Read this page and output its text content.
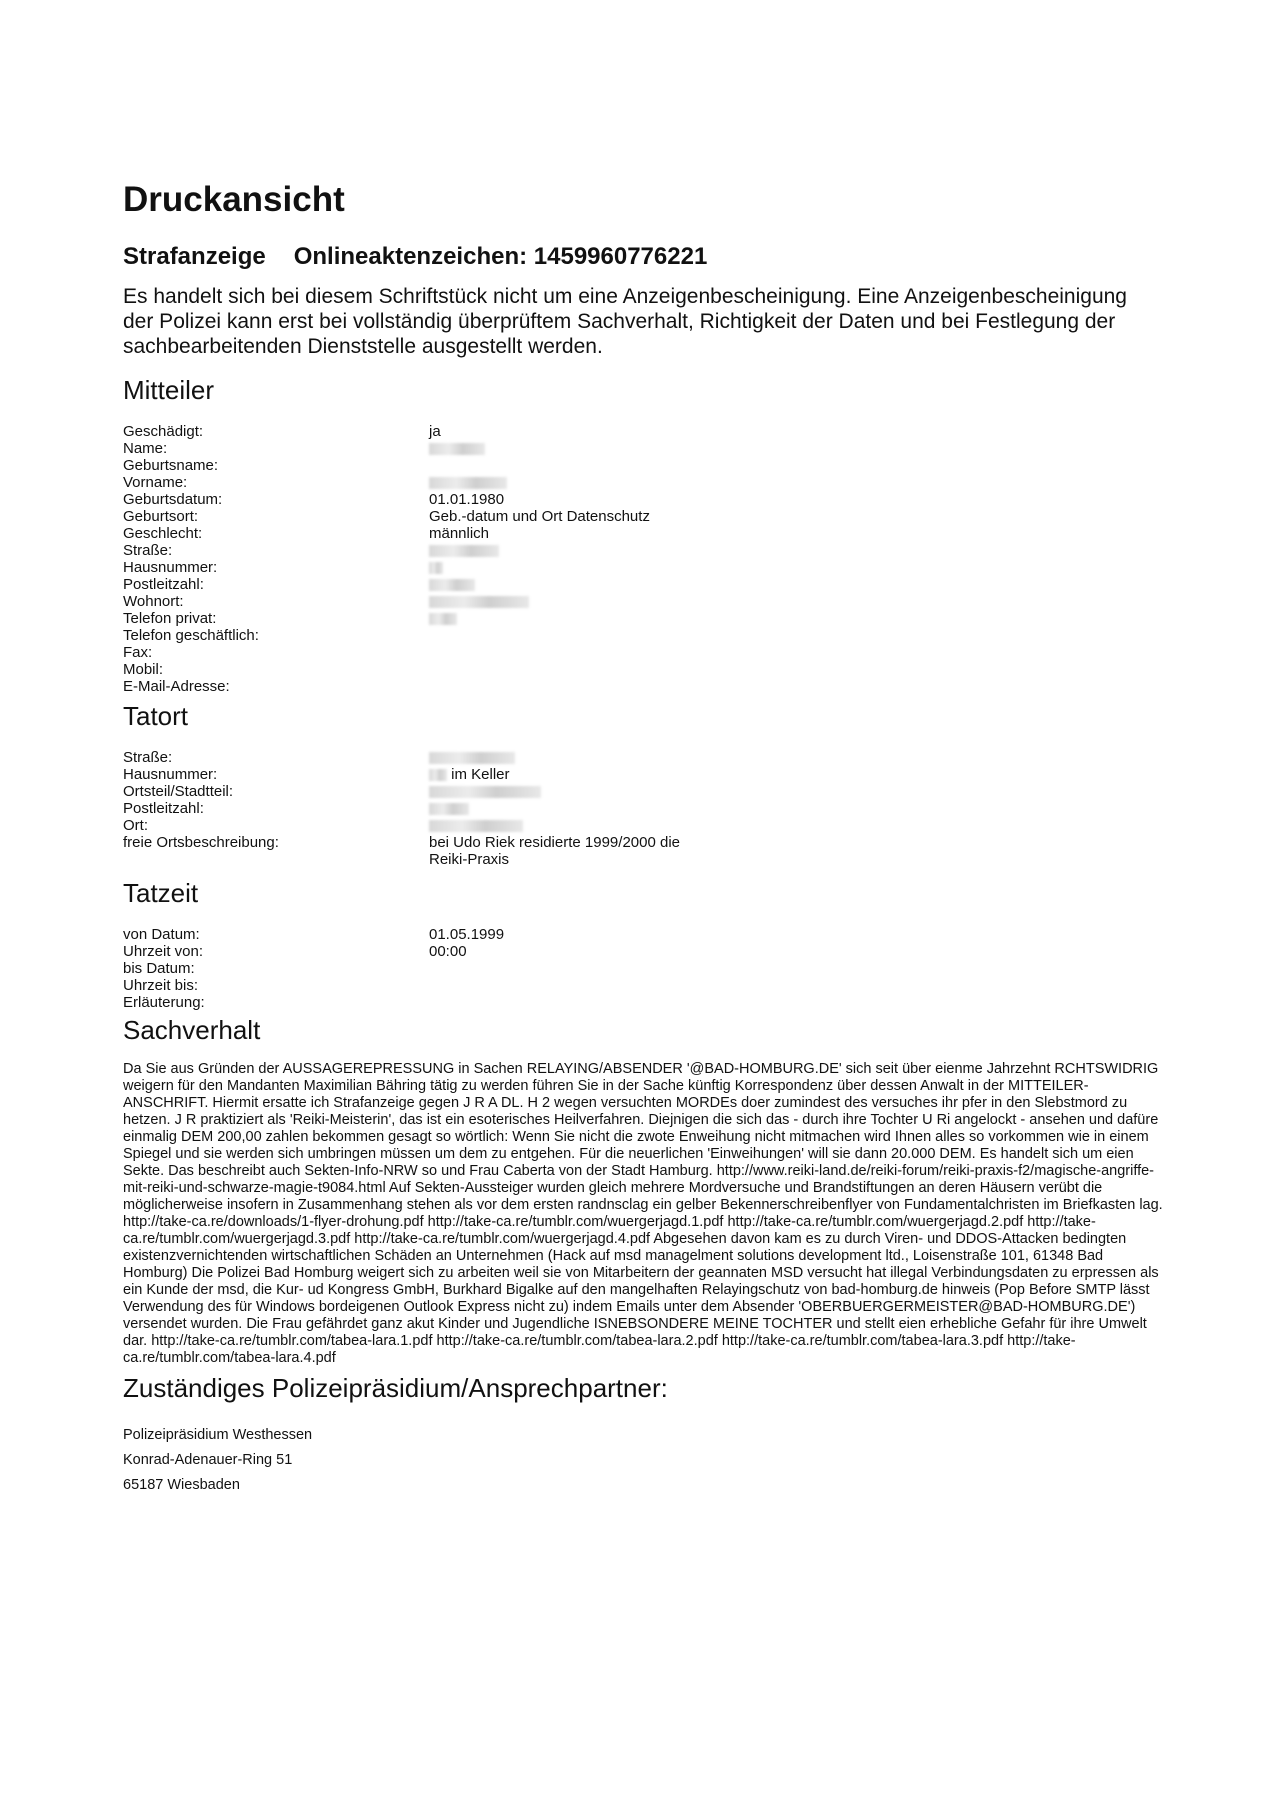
Druckansicht
Strafanzeige Onlineaktenzeichen: 1459960776221
Es handelt sich bei diesem Schriftstück nicht um eine Anzeigenbescheinigung. Eine Anzeigenbescheinigung der Polizei kann erst bei vollständig überprüftem Sachverhalt, Richtigkeit der Daten und bei Festlegung der sachbearbeitenden Dienststelle ausgestellt werden.
Mitteiler
Geschädigt:	ja
Name:
Geburtsname:
Vorname:
Geburtsdatum:	01.01.1980
Geburtsort:	Geb.-datum und Ort Datenschutz
Geschlecht:	männlich
Straße:
Hausnummer:
Postleitzahl:
Wohnort:
Telefon privat:
Telefon geschäftlich:
Fax:
Mobil:
E-Mail-Adresse:
Tatort
Straße:
Hausnummer:	im Keller
Ortsteil/Stadtteil:
Postleitzahl:
Ort:
freie Ortsbeschreibung:	bei Udo Riek residierte 1999/2000 die Reiki-Praxis
Tatzeit
von Datum:	01.05.1999
Uhrzeit von:	00:00
bis Datum:
Uhrzeit bis:
Erläuterung:
Sachverhalt
Da Sie aus Gründen der AUSSAGEREPRESSUNG in Sachen RELAYING/ABSENDER '@BAD-HOMBURG.DE' sich seit über eienme Jahrzehnt RCHTSWIDRIG weigern für den Mandanten Maximilian Bähring tätig zu werden führen Sie in der Sache künftig Korrespondenz über dessen Anwalt in der MITTEILER-ANSCHRIFT. Hiermit ersatte ich Strafanzeige gegen J R A DL. H 2 wegen versuchten MORDEs doer zumindest des versuches ihr pfer in den Slebstmord zu hetzen. J R praktiziert als 'Reiki-Meisterin', das ist ein esoterisches Heilverfahren. Diejnigen die sich das - durch ihre Tochter U Ri angelockt - ansehen und dafüre einmalig DEM 200,00 zahlen bekommen gesagt so wörtlich: Wenn Sie nicht die zwote Enweihung nicht mitmachen wird Ihnen alles so vorkommen wie in einem Spiegel und sie werden sich umbringen müssen um dem zu entgehen. Für die neuerlichen 'Einweihungen' will sie dann 20.000 DEM. Es handelt sich um eien Sekte. Das beschreibt auch Sekten-Info-NRW so und Frau Caberta von der Stadt Hamburg. http://www.reiki-land.de/reiki-forum/reiki-praxis-f2/magische-angriffe-mit-reiki-und-schwarze-magie-t9084.html Auf Sekten-Aussteiger wurden gleich mehrere Mordversuche und Brandstiftungen an deren Häusern verübt die möglicherweise insofern in Zusammenhang stehen als vor dem ersten randnsclag ein gelber Bekennerschreibenflyer von Fundamentalchristen im Briefkasten lag. http://take-ca.re/downloads/1-flyer-drohung.pdf http://take-ca.re/tumblr.com/wuergerjagd.1.pdf http://take-ca.re/tumblr.com/wuergerjagd.2.pdf http://take-ca.re/tumblr.com/wuergerjagd.3.pdf http://take-ca.re/tumblr.com/wuergerjagd.4.pdf Abgesehen davon kam es zu durch Viren- und DDOS-Attacken bedingten existenzvernichtenden wirtschaftlichen Schäden an Unternehmen (Hack auf msd managelment solutions development ltd., Loisenstraße 101, 61348 Bad Homburg) Die Polizei Bad Homburg weigert sich zu arbeiten weil sie von Mitarbeitern der geannaten MSD versucht hat illegal Verbindungsdaten zu erpressen als ein Kunde der msd, die Kur- ud Kongress GmbH, Burkhard Bigalke auf den mangelhaften Relayingschutz von bad-homburg.de hinweis (Pop Before SMTP lässt Verwendung des für Windows bordeigenen Outlook Express nicht zu) indem Emails unter dem Absender 'OBERBUERGERMEISTER@BAD-HOMBURG.DE') versendet wurden. Die Frau gefährdet ganz akut Kinder und Jugendliche ISNEBSONDERE MEINE TOCHTER und stellt eien erhebliche Gefahr für ihre Umwelt dar. http://take-ca.re/tumblr.com/tabea-lara.1.pdf http://take-ca.re/tumblr.com/tabea-lara.2.pdf http://take-ca.re/tumblr.com/tabea-lara.3.pdf http://take-ca.re/tumblr.com/tabea-lara.4.pdf
Zuständiges Polizeipräsidium/Ansprechpartner:
Polizeipräsidium Westhessen
Konrad-Adenauer-Ring 51
65187 Wiesbaden
